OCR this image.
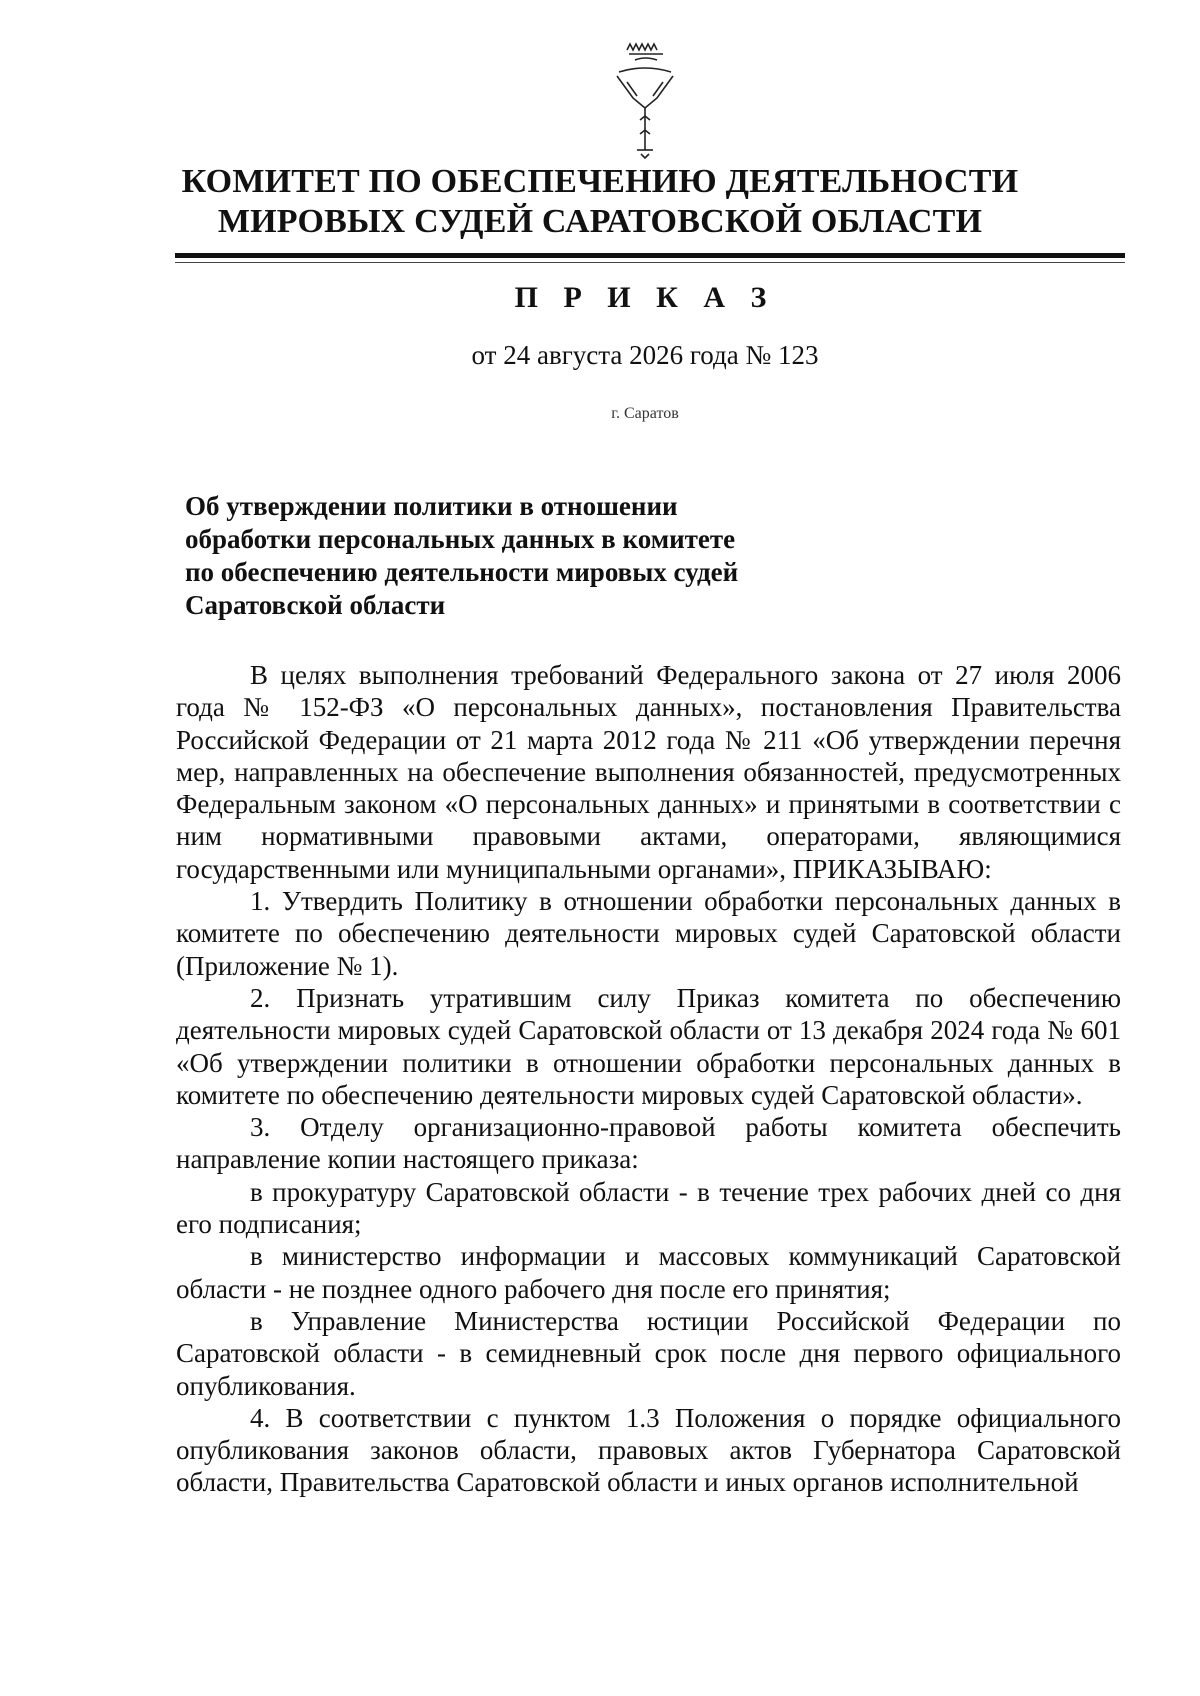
КОМИТЕТ ПО ОБЕСПЕЧЕНИЮ ДЕЯТЕЛЬНОСТИ
МИРОВЫХ СУДЕЙ САРАТОВСКОЙ ОБЛАСТИ
П Р И К А З
от 24 августа 2026 года № 123
г. Саратов
Об утверждении политики в отношении
обработки персональных данных в комитете
по обеспечению деятельности мировых судей
Саратовской области

В целях выполнения требований Федерального закона от 27 июля 2006 года № 152-ФЗ «О персональных данных», постановления Правительства Российской Федерации от 21 марта 2012 года № 211 «Об утверждении перечня мер, направленных на обеспечение выполнения обязанностей, предусмотренных Федеральным законом «О персональных данных» и принятыми в соответствии с ним нормативными правовыми актами, операторами, являющимися государственными или муниципальными органами», ПРИКАЗЫВАЮ:

1. Утвердить Политику в отношении обработки персональных данных в комитете по обеспечению деятельности мировых судей Саратовской области (Приложение № 1).

2. Признать утратившим силу Приказ комитета по обеспечению деятельности мировых судей Саратовской области от 13 декабря 2024 года № 601 «Об утверждении политики в отношении обработки персональных данных в комитете по обеспечению деятельности мировых судей Саратовской области».

3. Отделу организационно-правовой работы комитета обеспечить направление копии настоящего приказа:

в прокуратуру Саратовской области - в течение трех рабочих дней со дня его подписания;

в министерство информации и массовых коммуникаций Саратовской области - не позднее одного рабочего дня после его принятия;

в Управление Министерства юстиции Российской Федерации по Саратовской области - в семидневный срок после дня первого официального опубликования.

4. В соответствии с пунктом 1.3 Положения о порядке официального опубликования законов области, правовых актов Губернатора Саратовской области, Правительства Саратовской области и иных органов исполнительной
